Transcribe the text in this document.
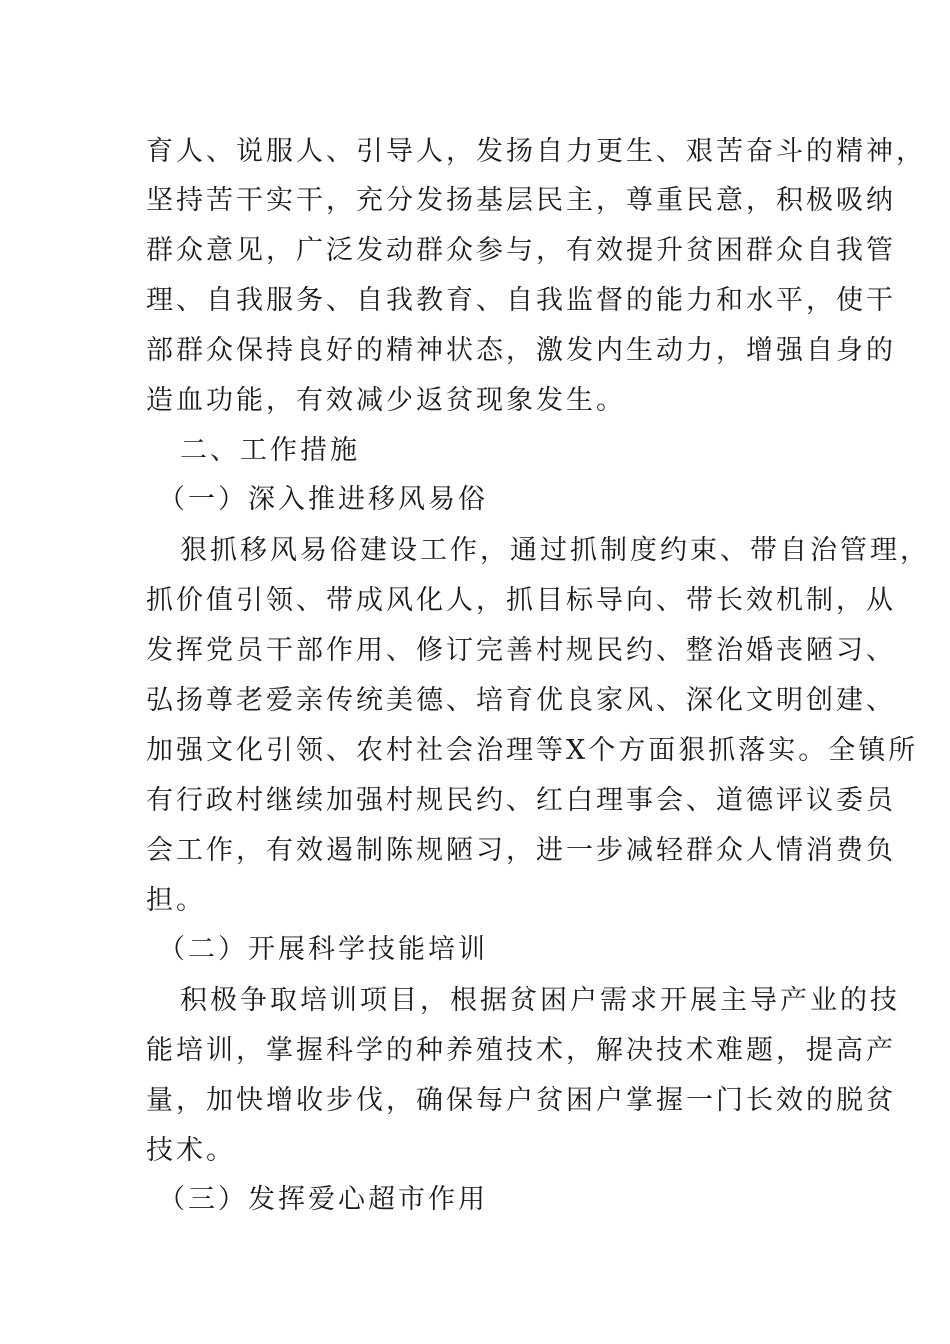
育人、说服人、引导人，发扬自力更生、艰苦奋斗的精神，
坚持苦干实干，充分发扬基层民主，尊重民意，积极吸纳
群众意见，广泛发动群众参与，有效提升贫困群众自我管
理、自我服务、自我教育、自我监督的能力和水平，使干
部群众保持良好的精神状态，激发内生动力，增强自身的
造血功能，有效减少返贫现象发生。
二、工作措施
（一）深入推进移风易俗
狠抓移风易俗建设工作，通过抓制度约束、带自治管理，
抓价值引领、带成风化人，抓目标导向、带长效机制，从
发挥党员干部作用、修订完善村规民约、整治婚丧陋习、
弘扬尊老爱亲传统美德、培育优良家风、深化文明创建、
加强文化引领、农村社会治理等X个方面狠抓落实。全镇所
有行政村继续加强村规民约、红白理事会、道德评议委员
会工作，有效遏制陈规陋习，进一步减轻群众人情消费负
担。
（二）开展科学技能培训
积极争取培训项目，根据贫困户需求开展主导产业的技
能培训，掌握科学的种养殖技术，解决技术难题，提高产
量，加快增收步伐，确保每户贫困户掌握一门长效的脱贫
技术。
（三）发挥爱心超市作用
